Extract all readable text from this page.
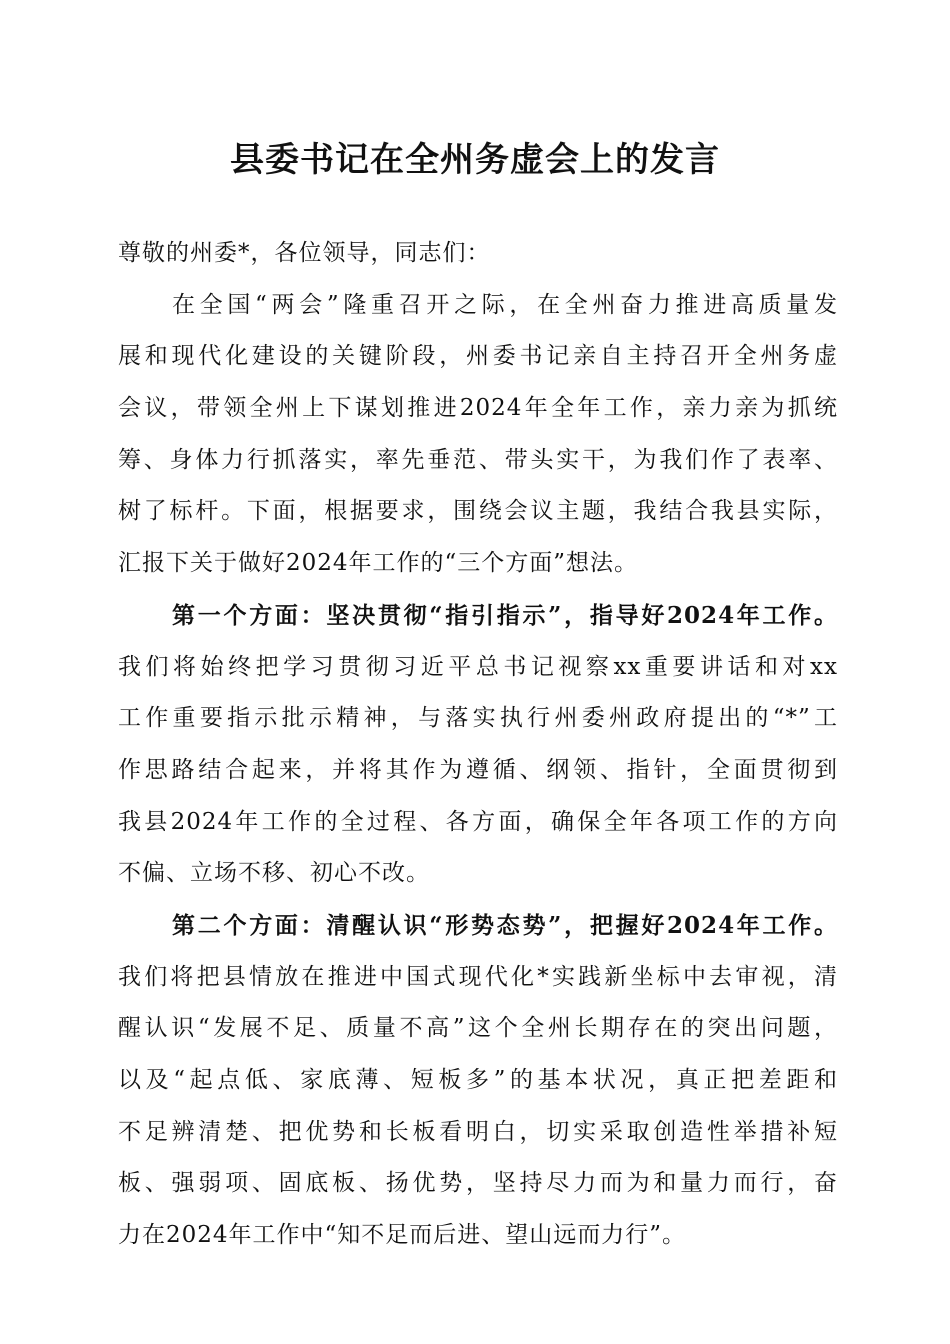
县委书记在全州务虚会上的发言
尊敬的州委*，各位领导，同志们：
在全国“两会”隆重召开之际，在全州奋力推进高质量发
展和现代化建设的关键阶段，州委书记亲自主持召开全州务虚
会议，带领全州上下谋划推进2024年全年工作，亲力亲为抓统
筹、身体力行抓落实，率先垂范、带头实干，为我们作了表率、
树了标杆。下面，根据要求，围绕会议主题，我结合我县实际，
汇报下关于做好2024年工作的“三个方面”想法。
第一个方面：坚决贯彻“指引指示”，指导好2024年工作。
我们将始终把学习贯彻习近平总书记视察xx重要讲话和对xx
工作重要指示批示精神，与落实执行州委州政府提出的“*”工
作思路结合起来，并将其作为遵循、纲领、指针，全面贯彻到
我县2024年工作的全过程、各方面，确保全年各项工作的方向
不偏、立场不移、初心不改。
第二个方面：清醒认识“形势态势”，把握好2024年工作。
我们将把县情放在推进中国式现代化*实践新坐标中去审视，清
醒认识“发展不足、质量不高”这个全州长期存在的突出问题，
以及“起点低、家底薄、短板多”的基本状况，真正把差距和
不足辨清楚、把优势和长板看明白，切实采取创造性举措补短
板、强弱项、固底板、扬优势，坚持尽力而为和量力而行，奋
力在2024年工作中“知不足而后进、望山远而力行”。
